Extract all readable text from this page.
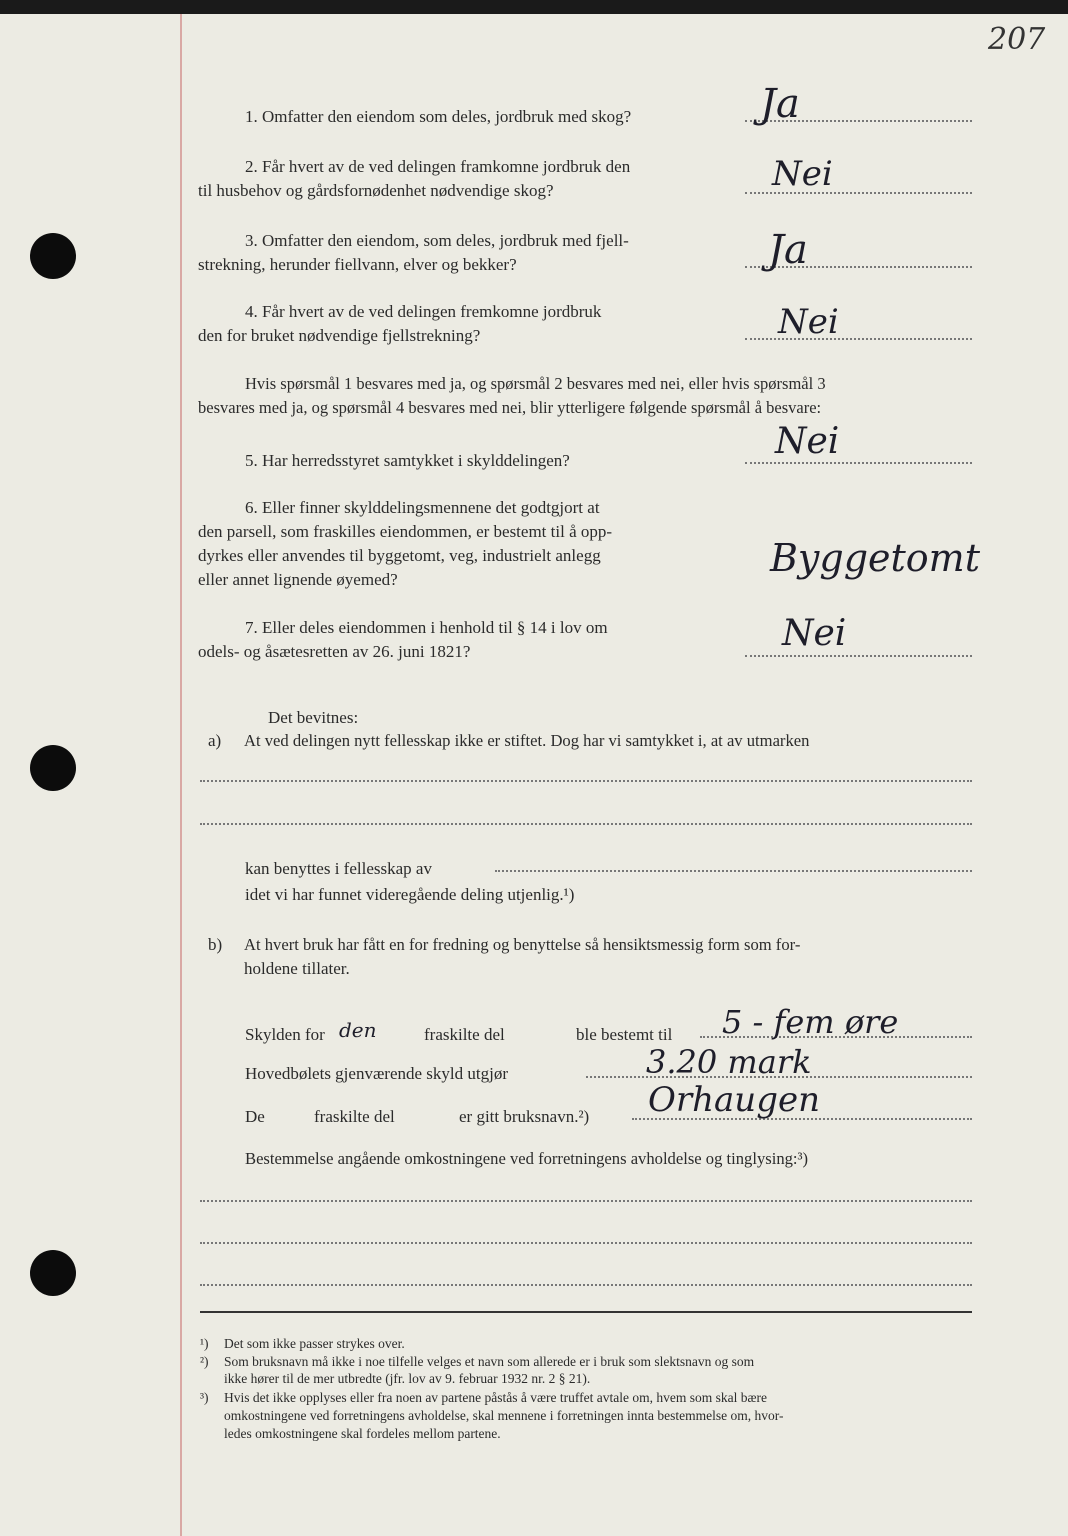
207
1. Omfatter den eiendom som deles, jordbruk med skog?	Ja
2. Får hvert av de ved delingen framkomne jordbruk den
til husbehov og gårdsfornødenhet nødvendige skog?	Nei
3. Omfatter den eiendom, som deles, jordbruk med fjell-
strekning, herunder fiellvann, elver og bekker?	Ja
4. Får hvert av de ved delingen fremkomne jordbruk
den for bruket nødvendige fjellstrekning?	Nei
Hvis spørsmål 1 besvares med ja, og spørsmål 2 besvares med nei, eller hvis spørsmål 3
besvares med ja, og spørsmål 4 besvares med nei, blir ytterligere følgende spørsmål å besvare:
5. Har herredsstyret samtykket i skylddelingen?	Nei
6. Eller finner skylddelingsmennene det godtgjort at
den parsell, som fraskilles eiendommen, er bestemt til å opp-
dyrkes eller anvendes til byggetomt, veg, industrielt anlegg
eller annet lignende øyemed?	Byggetomt
7. Eller deles eiendommen i henhold til § 14 i lov om
odels- og åsætesretten av 26. juni 1821?	Nei
Det bevitnes:
a) At ved delingen nytt fellesskap ikke er stiftet. Dog har vi samtykket i, at av utmarken
kan benyttes i fellesskap av
idet vi har funnet videregående deling utjenlig.¹)
b) At hvert bruk har fått en for fredning og benyttelse så hensiktsmessig form som for-
holdene tillater.
Skylden for den	fraskilte del	ble bestemt til 5 - fem øre
Hovedbølets gjenværende skyld utgjør	3.20 mark
De	fraskilte del	er gitt bruksnavn.²) Orhaugen
Bestemmelse angående omkostningene ved forretningens avholdelse og tinglysing:³)
¹) Det som ikke passer strykes over.
²) Som bruksnavn må ikke i noe tilfelle velges et navn som allerede er i bruk som slektsnavn og som
ikke hører til de mer utbredte (jfr. lov av 9. februar 1932 nr. 2 § 21).
³) Hvis det ikke opplyses eller fra noen av partene påstås å være truffet avtale om, hvem som skal bære
omkostningene ved forretningens avholdelse, skal mennene i forretningen innta bestemmelse om, hvor-
ledes omkostningene skal fordeles mellom partene.
